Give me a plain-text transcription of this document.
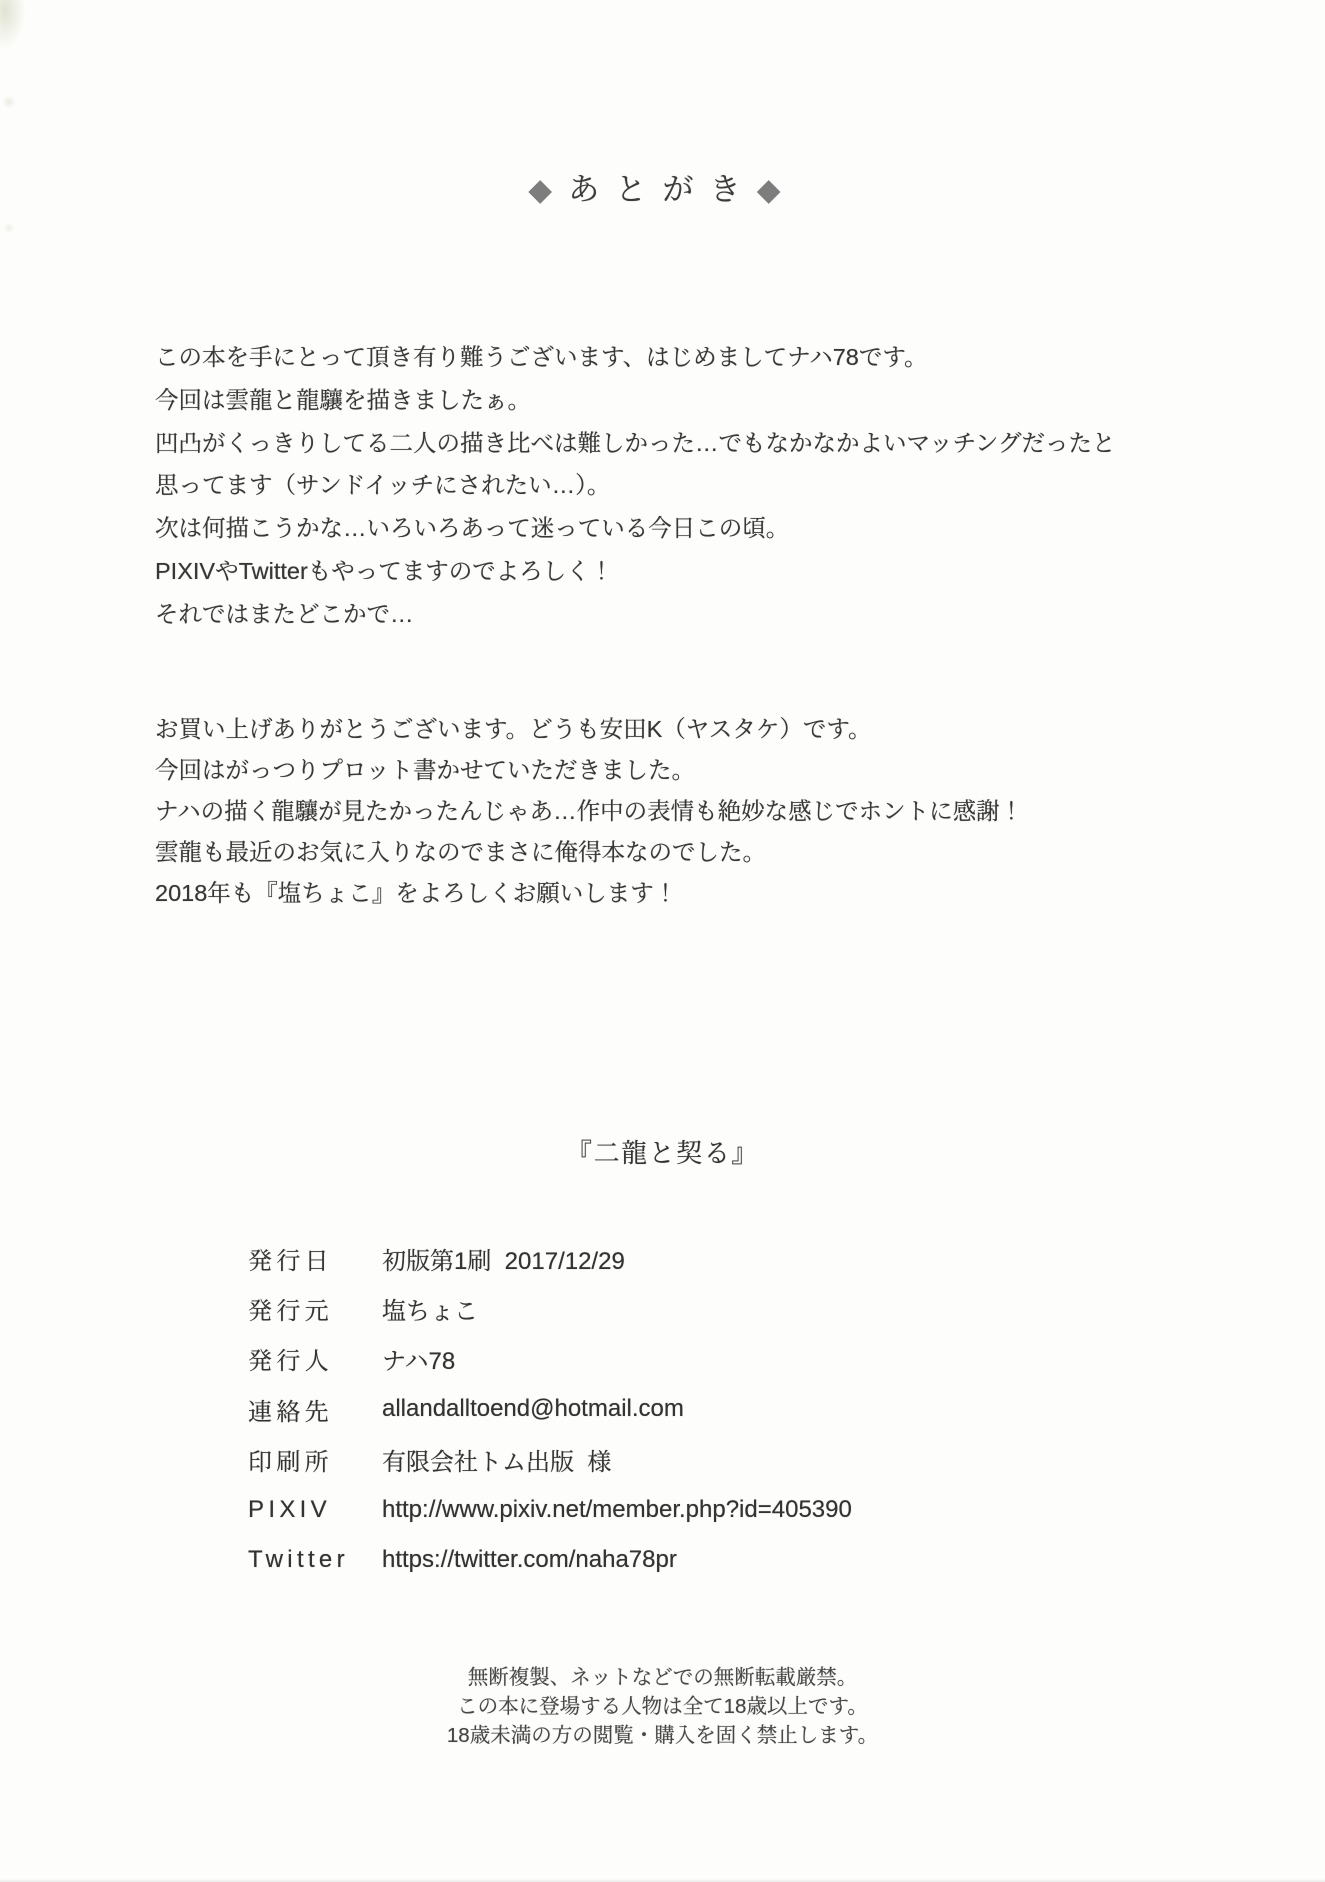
◆あとがき◆

この本を手にとって頂き有り難うございます、はじめましてナハ78です。

今回は雲龍と龍驤を描きましたぁ。

凹凸がくっきりしてる二人の描き比べは難しかった…でもなかなかよいマッチングだったと

思ってます（サンドイッチにされたい…）。

次は何描こうかな…いろいろあって迷っている今日この頃。

PIXIVやTwitterもやってますのでよろしく！

それではまたどこかで…

お買い上げありがとうございます。どうも安田K（ヤスタケ）です。

今回はがっつりプロット書かせていただきました。

ナハの描く龍驤が見たかったんじゃあ…作中の表情も絶妙な感じでホントに感謝！

雲龍も最近のお気に入りなのでまさに俺得本なのでした。

2018年も『塩ちょこ』をよろしくお願いします！

『二龍と契る』
発行日	初版第1刷  2017/12/29
発行元	塩ちょこ
発行人	ナハ78
連絡先	allandalltoend@hotmail.com
印刷所	有限会社トム出版  様
PIXIV	http://www.pixiv.net/member.php?id=405390
Twitter	https://twitter.com/naha78pr

無断複製、ネットなどでの無断転載厳禁。

この本に登場する人物は全て18歳以上です。

18歳未満の方の閲覧・購入を固く禁止します。
